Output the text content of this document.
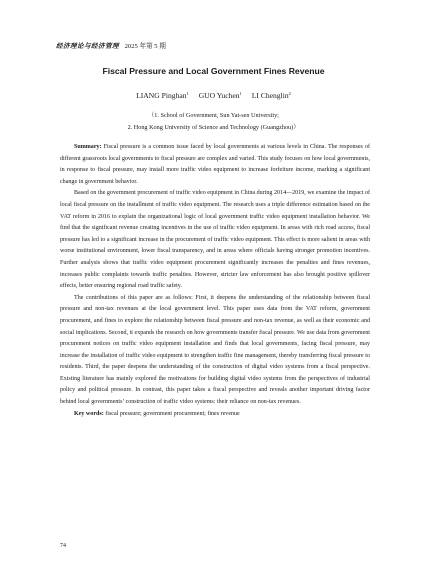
经济理论与经济管理 2025 年第 5 期
Fiscal Pressure and Local Government Fines Revenue
LIANG Pinghan$^1$ GUO Yuchen$^1$ LI Chenglin$^2$
（1. School of Government, Sun Yat-sen University;
2. Hong Kong University of Science and Technology (Guangzhou)）

Summary: Fiscal pressure is a common issue faced by local governments at various levels in China. The responses of different grassroots local governments to fiscal pressure are complex and varied. This study focuses on how local governments, in response to fiscal pressure, may install more traffic video equipment to increase forfeiture income, marking a significant change in government behavior.

Based on the government procurement of traffic video equipment in China during 2014—2019, we examine the impact of local fiscal pressure on the installment of traffic video equipment. The research uses a triple difference estimation based on the VAT reform in 2016 to explain the organizational logic of local government traffic video equipment installation behavior. We find that the significant revenue creating incentives in the use of traffic video equipment. In areas with rich road access, fiscal pressure has led to a significant increase in the procurement of traffic video equipment. This effect is more salient in areas with worse institutional environment, lower fiscal transparency, and in areas where officials having stronger promotion incentives. Further analysis shows that traffic video equipment procurement significantly increases the penalties and fines revenues, increases public complaints towards traffic penalties. However, stricter law enforcement has also brought positive spillover effects, better ensuring regional road traffic safety.

The contributions of this paper are as follows: First, it deepens the understanding of the relationship between fiscal pressure and non-tax revenues at the local government level. This paper uses data from the VAT reform, government procurement, and fines to explore the relationship between fiscal pressure and non-tax revenue, as well as their economic and social implications. Second, it expands the research on how governments transfer fiscal pressure. We use data from government procurement notices on traffic video equipment installation and finds that local governments, facing fiscal pressure, may increase the installation of traffic video equipment to strengthen traffic fine management, thereby transferring fiscal pressure to residents. Third, the paper deepens the understanding of the construction of digital video systems from a fiscal perspective. Existing literature has mainly explored the motivations for building digital video systems from the perspectives of industrial policy and political pressure. In contrast, this paper takes a fiscal perspective and reveals another important driving factor behind local governments’ construction of traffic video systems: their reliance on non-tax revenues.

Key words: fiscal pressure; government procurement; fines revenue

74
